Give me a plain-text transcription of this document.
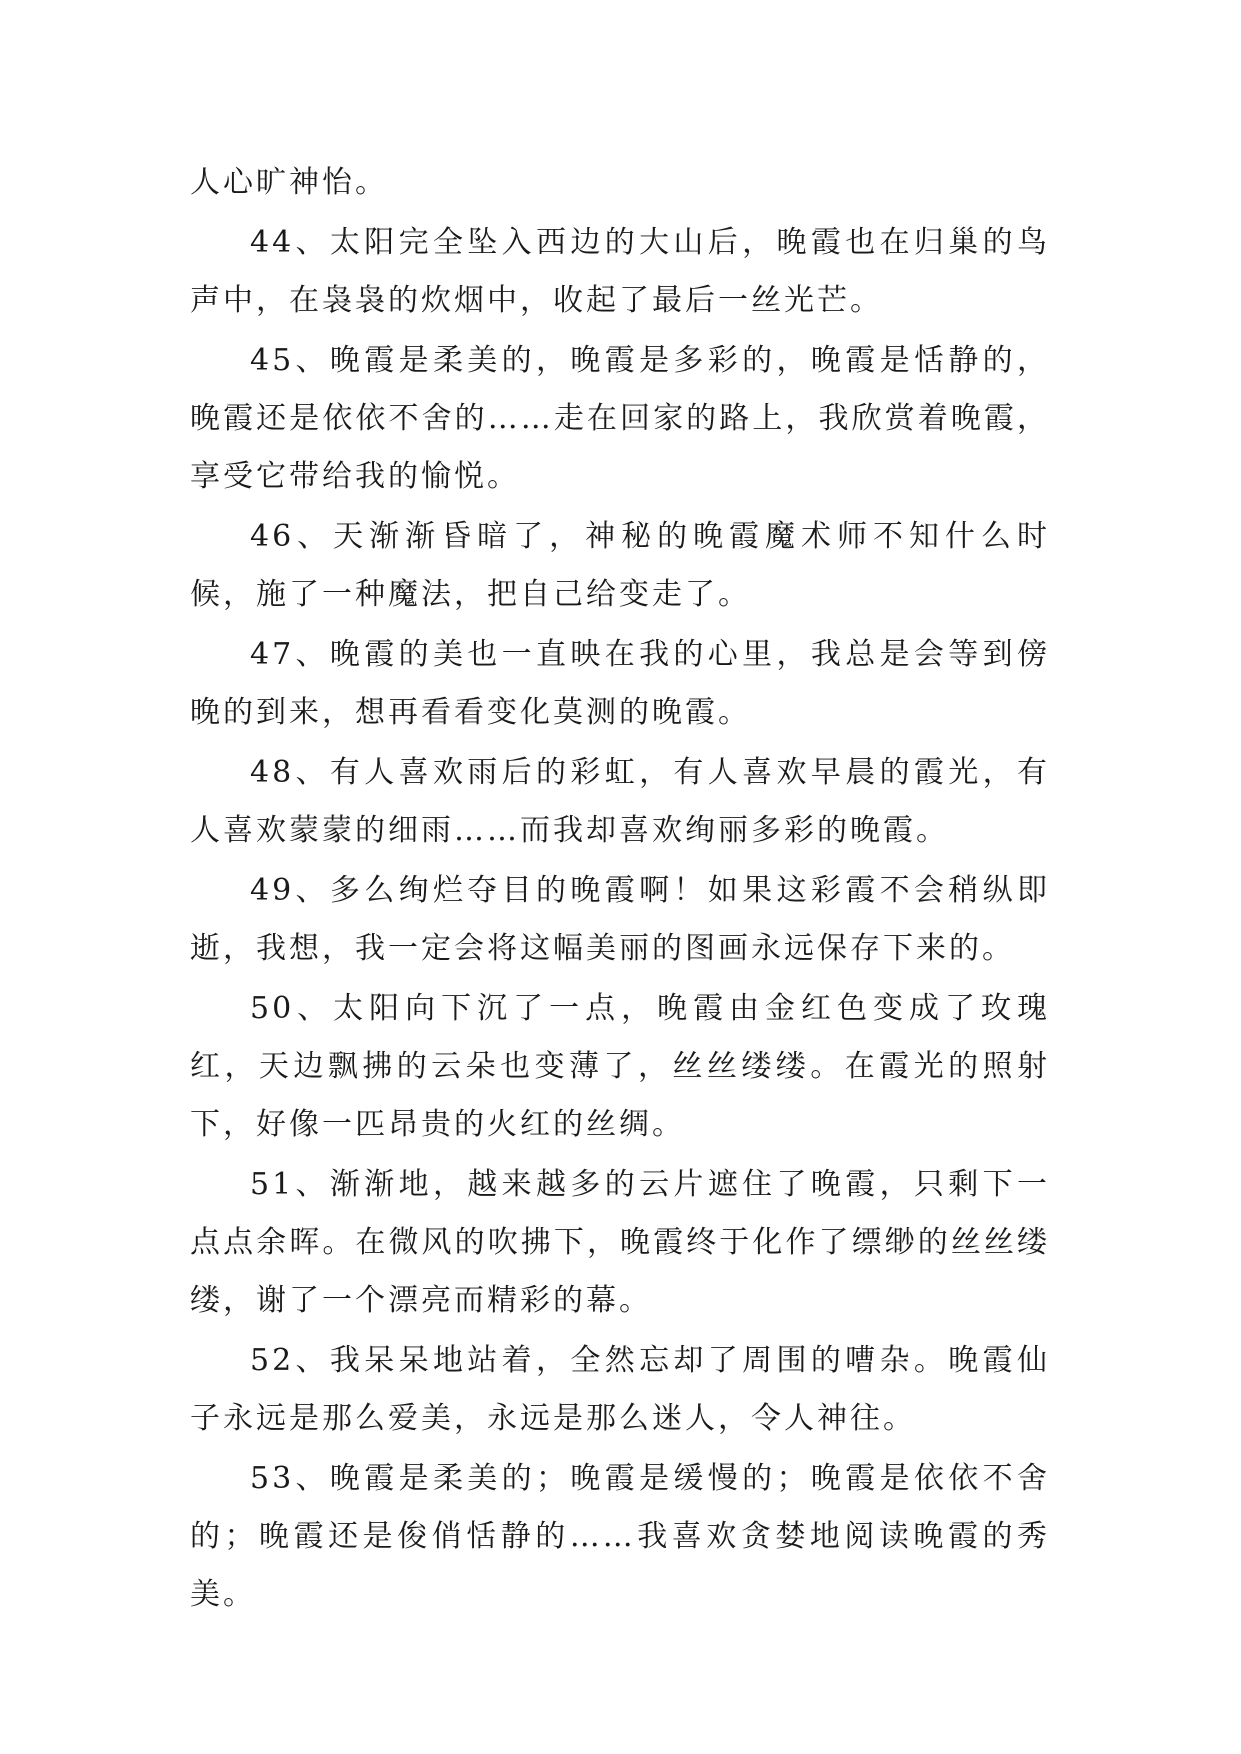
人心旷神怡。

44、太阳完全坠入西边的大山后，晚霞也在归巢的鸟声中，在袅袅的炊烟中，收起了最后一丝光芒。

45、晚霞是柔美的，晚霞是多彩的，晚霞是恬静的，晚霞还是依依不舍的……走在回家的路上，我欣赏着晚霞，享受它带给我的愉悦。

46、天渐渐昏暗了，神秘的晚霞魔术师不知什么时候，施了一种魔法，把自己给变走了。

47、晚霞的美也一直映在我的心里，我总是会等到傍晚的到来，想再看看变化莫测的晚霞。

48、有人喜欢雨后的彩虹，有人喜欢早晨的霞光，有人喜欢蒙蒙的细雨……而我却喜欢绚丽多彩的晚霞。

49、多么绚烂夺目的晚霞啊！如果这彩霞不会稍纵即逝，我想，我一定会将这幅美丽的图画永远保存下来的。

50、太阳向下沉了一点，晚霞由金红色变成了玫瑰红，天边飘拂的云朵也变薄了，丝丝缕缕。在霞光的照射下，好像一匹昂贵的火红的丝绸。

51、渐渐地，越来越多的云片遮住了晚霞，只剩下一点点余晖。在微风的吹拂下，晚霞终于化作了缥缈的丝丝缕缕，谢了一个漂亮而精彩的幕。

52、我呆呆地站着，全然忘却了周围的嘈杂。晚霞仙子永远是那么爱美，永远是那么迷人，令人神往。

53、晚霞是柔美的；晚霞是缓慢的；晚霞是依依不舍的；晚霞还是俊俏恬静的……我喜欢贪婪地阅读晚霞的秀美。
